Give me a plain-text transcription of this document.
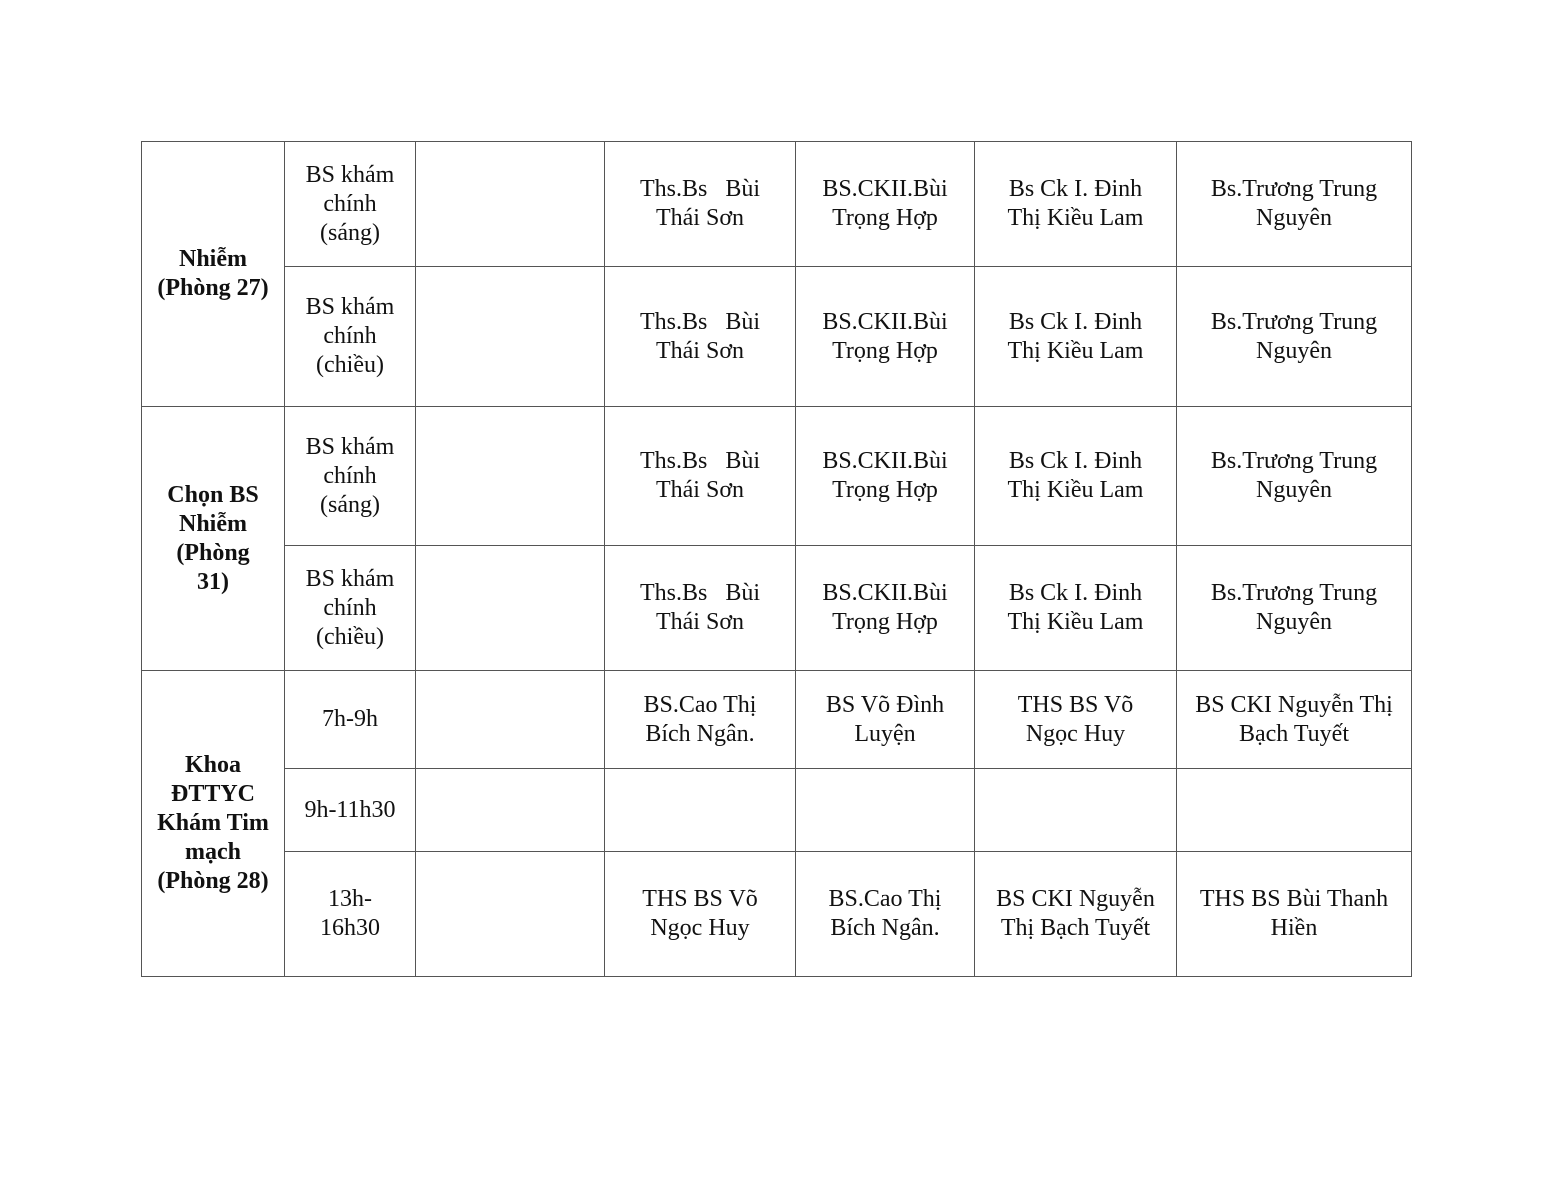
Nhiễm
(Phòng 27)	BS khám
chính
(sáng)		Ths.Bs   Bùi
Thái Sơn	BS.CKII.Bùi
Trọng Hợp	Bs Ck I. Đinh
Thị Kiều Lam	Bs.Trương Trung
Nguyên

	BS khám
chính
(chiều)		Ths.Bs   Bùi
Thái Sơn	BS.CKII.Bùi
Trọng Hợp	Bs Ck I. Đinh
Thị Kiều Lam	Bs.Trương Trung
Nguyên

Chọn BS
Nhiễm
(Phòng
31)	BS khám
chính
(sáng)		Ths.Bs   Bùi
Thái Sơn	BS.CKII.Bùi
Trọng Hợp	Bs Ck I. Đinh
Thị Kiều Lam	Bs.Trương Trung
Nguyên

	BS khám
chính
(chiều)		Ths.Bs   Bùi
Thái Sơn	BS.CKII.Bùi
Trọng Hợp	Bs Ck I. Đinh
Thị Kiều Lam	Bs.Trương Trung
Nguyên

Khoa
ĐTTYC
Khám Tim
mạch
(Phòng 28)	7h-9h		BS.Cao Thị
Bích Ngân.	BS Võ Đình
Luyện	THS BS Võ
Ngọc Huy	BS CKI Nguyễn Thị
Bạch Tuyết

	9h-11h30					

	13h-
16h30		THS BS Võ
Ngọc Huy	BS.Cao Thị
Bích Ngân.	BS CKI Nguyễn
Thị Bạch Tuyết	THS BS Bùi Thanh
Hiền
